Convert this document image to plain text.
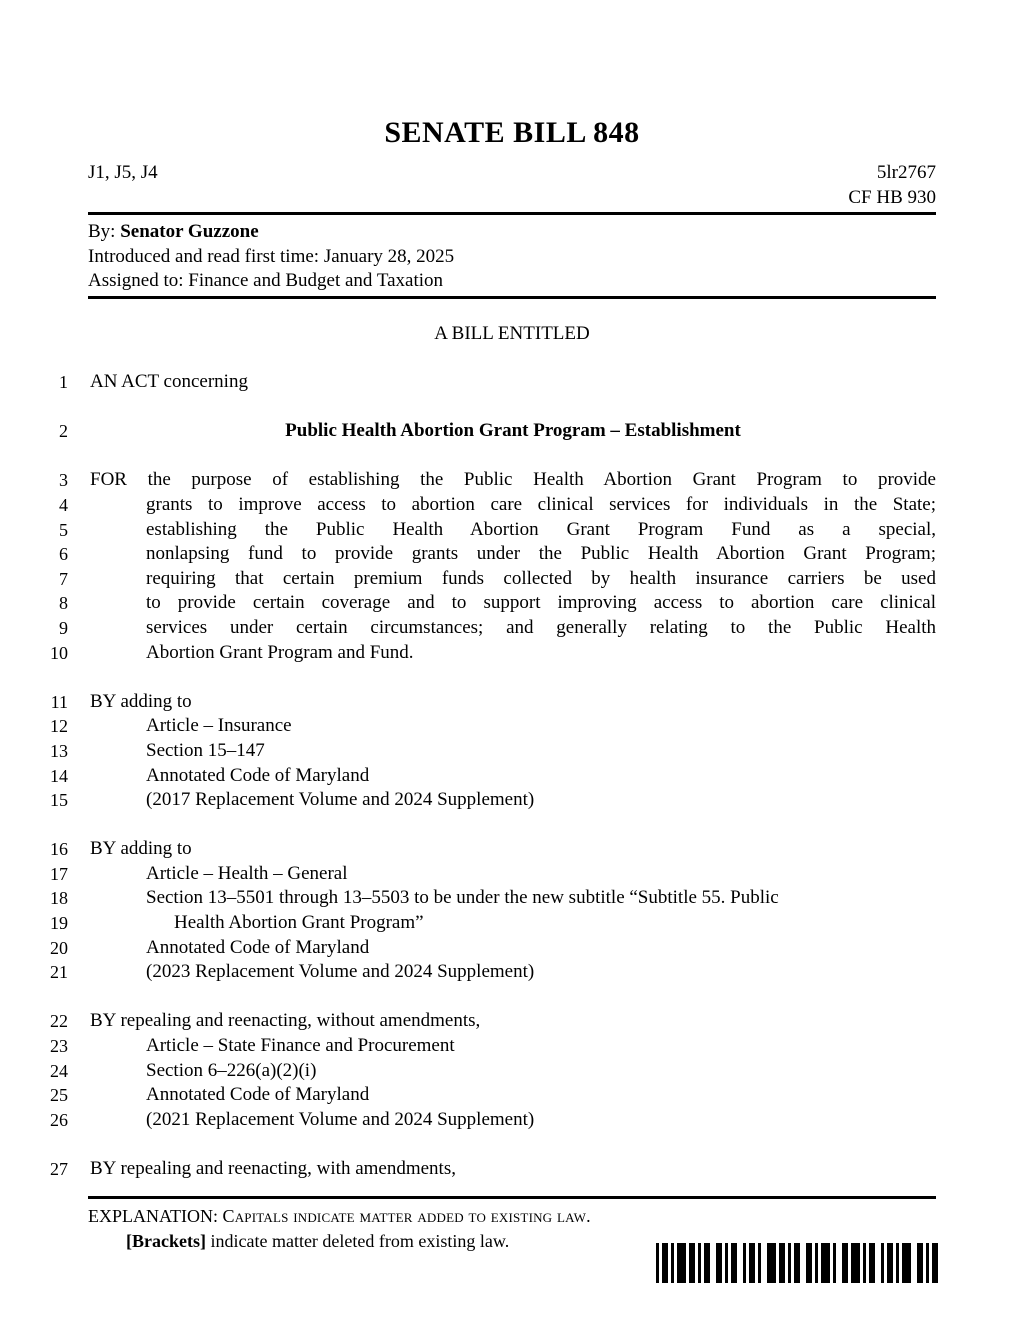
SENATE BILL 848
J1, J5, J4	5lr2767
CF HB 930
By: Senator Guzzone
Introduced and read first time: January 28, 2025
Assigned to: Finance and Budget and Taxation
A BILL ENTITLED
1 AN ACT concerning
2	Public Health Abortion Grant Program – Establishment
3 FOR the purpose of establishing the Public Health Abortion Grant Program to provide
4	grants to improve access to abortion care clinical services for individuals in the State;
5	establishing the Public Health Abortion Grant Program Fund as a special,
6	nonlapsing fund to provide grants under the Public Health Abortion Grant Program;
7	requiring that certain premium funds collected by health insurance carriers be used
8	to provide certain coverage and to support improving access to abortion care clinical
9	services under certain circumstances; and generally relating to the Public Health
10	Abortion Grant Program and Fund.
11 BY adding to
12	Article – Insurance
13	Section 15–147
14	Annotated Code of Maryland
15	(2017 Replacement Volume and 2024 Supplement)
16 BY adding to
17	Article – Health – General
18	Section 13–5501 through 13–5503 to be under the new subtitle “Subtitle 55. Public
19	Health Abortion Grant Program”
20	Annotated Code of Maryland
21	(2023 Replacement Volume and 2024 Supplement)
22 BY repealing and reenacting, without amendments,
23	Article – State Finance and Procurement
24	Section 6–226(a)(2)(i)
25	Annotated Code of Maryland
26	(2021 Replacement Volume and 2024 Supplement)
27 BY repealing and reenacting, with amendments,
EXPLANATION: Capitals indicate matter added to existing law.
[Brackets] indicate matter deleted from existing law.
